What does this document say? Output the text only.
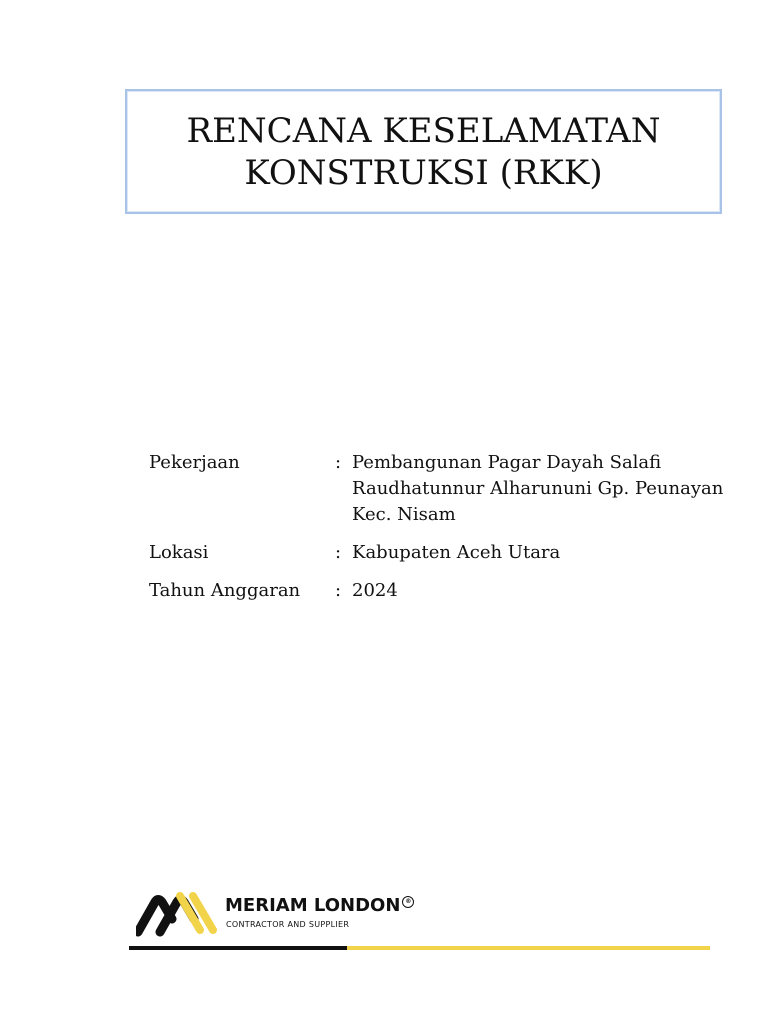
RENCANA KESELAMATAN
KONSTRUKSI (RKK)
Pekerjaan	: Pembangunan Pagar Dayah Salafi Raudhatunnur Alharununi Gp. Peunayan Kec. Nisam
Lokasi	: Kabupaten Aceh Utara
Tahun Anggaran	: 2024
MERIAM LONDON ®
CONTRACTOR AND SUPPLIER
